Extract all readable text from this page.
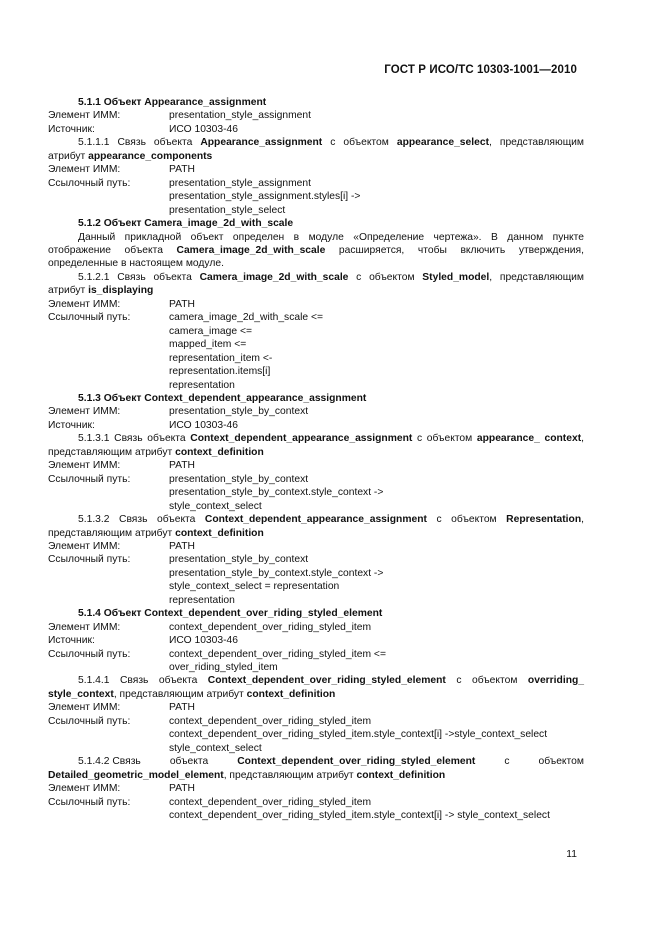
ГОСТ Р ИСО/ТС 10303-1001—2010

5.1.1 Объект Appearance_assignment

Элемент ИММ:	presentation_style_assignment
Источник:	ИСО 10303-46

5.1.1.1 Связь объекта Appearance_assignment с объектом appearance_select, представляющим атрибут appearance_components

Элемент ИММ:	PATH
Ссылочный путь:	presentation_style_assignment

presentation_style_assignment.styles[i] ->

presentation_style_select

5.1.2 Объект Camera_image_2d_with_scale

Данный прикладной объект определен в модуле «Определение чертежа». В данном пункте отображение объекта Camera_image_2d_with_scale расширяется, чтобы включить утверждения, определенные в настоящем модуле.

5.1.2.1 Связь объекта Camera_image_2d_with_scale с объектом Styled_model, представляющим атрибут is_displaying

Элемент ИММ:	PATH
Ссылочный путь:	camera_image_2d_with_scale <=

camera_image <=

mapped_item <=

representation_item <-

representation.items[i]

representation

5.1.3 Объект Context_dependent_appearance_assignment

Элемент ИММ:	presentation_style_by_context
Источник:	ИСО 10303-46

5.1.3.1 Связь объекта Context_dependent_appearance_assignment с объектом appearance_ context, представляющим атрибут context_definition

Элемент ИММ:	PATH
Ссылочный путь:	presentation_style_by_context

presentation_style_by_context.style_context ->

style_context_select

5.1.3.2 Связь объекта Context_dependent_appearance_assignment с объектом Representation, представляющим атрибут context_definition

Элемент ИММ:	PATH
Ссылочный путь:	presentation_style_by_context

presentation_style_by_context.style_context ->

style_context_select = representation

representation

5.1.4 Объект Context_dependent_over_riding_styled_element

Элемент ИММ:	context_dependent_over_riding_styled_item
Источник:	ИСО 10303-46
Ссылочный путь:	context_dependent_over_riding_styled_item <=

over_riding_styled_item

5.1.4.1 Связь объекта Context_dependent_over_riding_styled_element с объектом overriding_ style_context, представляющим атрибут context_definition

Элемент ИММ:	PATH
Ссылочный путь:	context_dependent_over_riding_styled_item

context_dependent_over_riding_styled_item.style_context[i] ->style_context_select

style_context_select

5.1.4.2 Связь	объекта	Context_dependent_over_riding_styled_element	с	объектом

Detailed_geometric_model_element, представляющим атрибут context_definition

Элемент ИММ:	PATH
Ссылочный путь:	context_dependent_over_riding_styled_item

context_dependent_over_riding_styled_item.style_context[i] -> style_context_select

11
